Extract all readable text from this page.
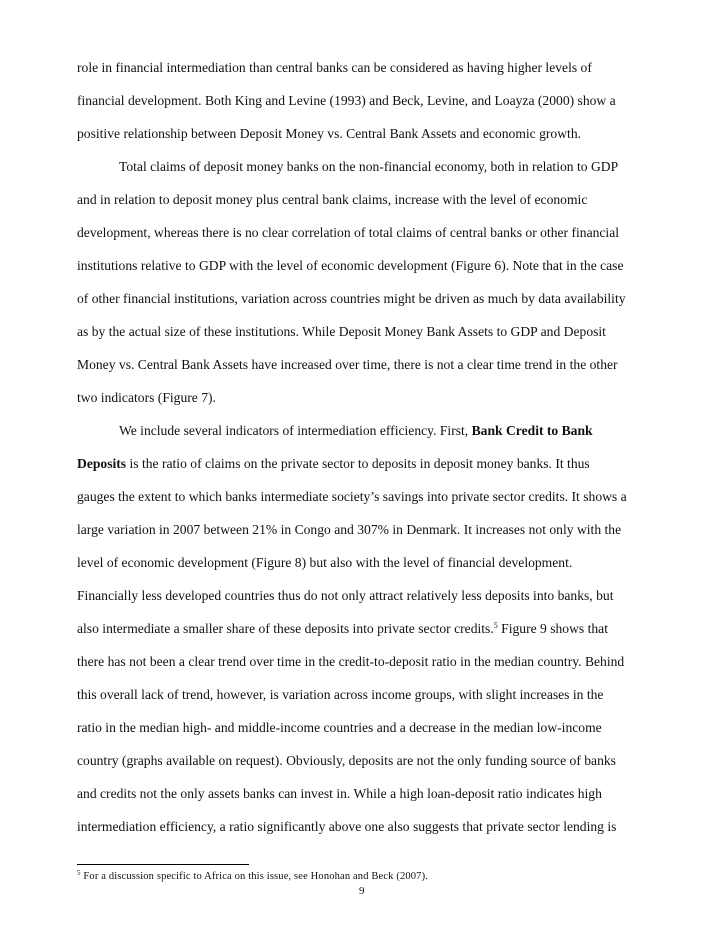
role in financial intermediation than central banks can be considered as having higher levels of
financial development. Both King and Levine (1993) and Beck, Levine, and Loayza (2000) show a
positive relationship between Deposit Money vs. Central Bank Assets and economic growth.
Total claims of deposit money banks on the non-financial economy, both in relation to GDP
and in relation to deposit money plus central bank claims, increase with the level of economic
development, whereas there is no clear correlation of total claims of central banks or other financial
institutions relative to GDP with the level of economic development (Figure 6). Note that in the case
of other financial institutions, variation across countries might be driven as much by data availability
as by the actual size of these institutions. While Deposit Money Bank Assets to GDP and Deposit
Money vs. Central Bank Assets have increased over time, there is not a clear time trend in the other
two indicators (Figure 7).
We include several indicators of intermediation efficiency. First, Bank Credit to Bank
Deposits is the ratio of claims on the private sector to deposits in deposit money banks. It thus
gauges the extent to which banks intermediate society’s savings into private sector credits. It shows a
large variation in 2007 between 21% in Congo and 307% in Denmark. It increases not only with the
level of economic development (Figure 8) but also with the level of financial development.
Financially less developed countries thus do not only attract relatively less deposits into banks, but
also intermediate a smaller share of these deposits into private sector credits.$^5$ Figure 9 shows that
there has not been a clear trend over time in the credit-to-deposit ratio in the median country. Behind
this overall lack of trend, however, is variation across income groups, with slight increases in the
ratio in the median high- and middle-income countries and a decrease in the median low-income
country (graphs available on request). Obviously, deposits are not the only funding source of banks
and credits not the only assets banks can invest in. While a high loan-deposit ratio indicates high
intermediation efficiency, a ratio significantly above one also suggests that private sector lending is
$^5$ For a discussion specific to Africa on this issue, see Honohan and Beck (2007).
9
